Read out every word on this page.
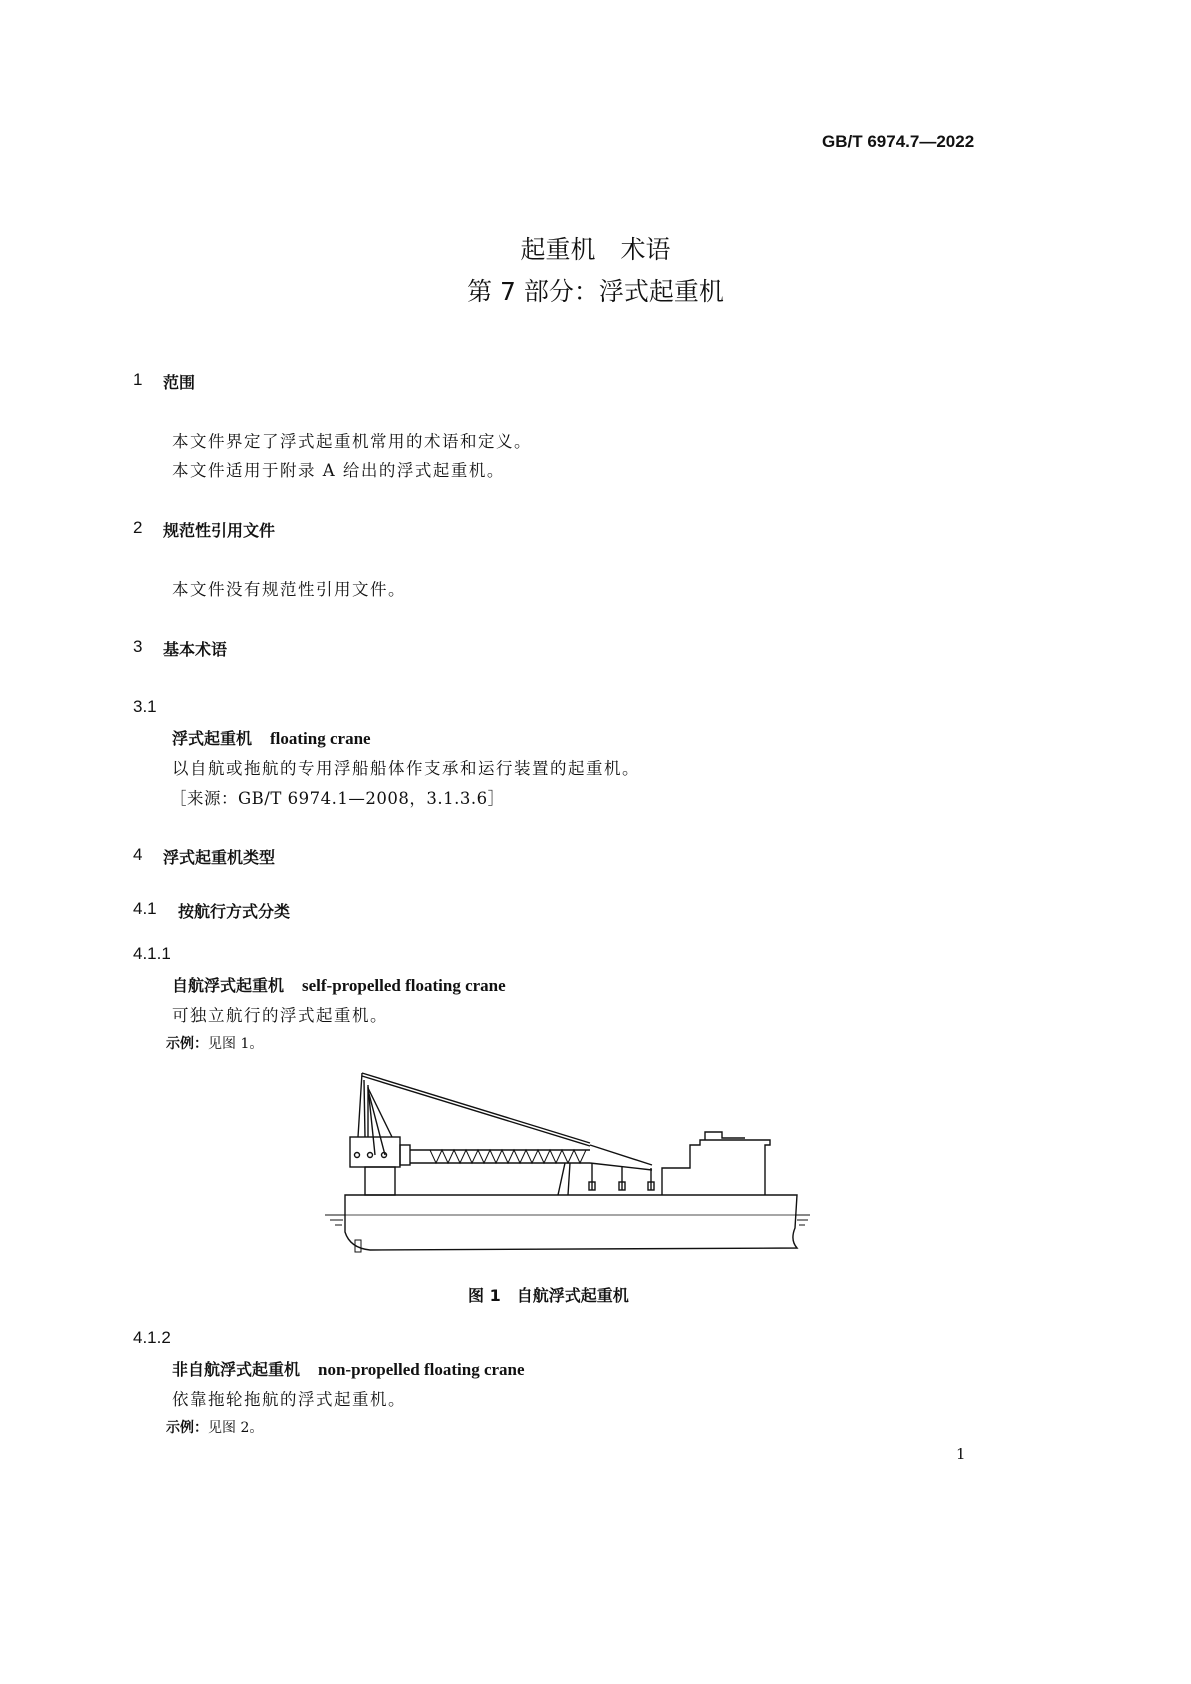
GB/T 6974.7—2022
起重机　术语
第 7 部分：浮式起重机
1 范围
本文件界定了浮式起重机常用的术语和定义。
本文件适用于附录 A 给出的浮式起重机。
2 规范性引用文件
本文件没有规范性引用文件。
3 基本术语
3.1
浮式起重机 floating crane
以自航或拖航的专用浮船船体作支承和运行装置的起重机。
［来源：GB/T 6974.1—2008，3.1.3.6］
4 浮式起重机类型
4.1 按航行方式分类
4.1.1
自航浮式起重机 self-propelled floating crane
可独立航行的浮式起重机。
示例：见图 1。
图 1　自航浮式起重机
4.1.2
非自航浮式起重机 non-propelled floating crane
依靠拖轮拖航的浮式起重机。
示例：见图 2。
1
